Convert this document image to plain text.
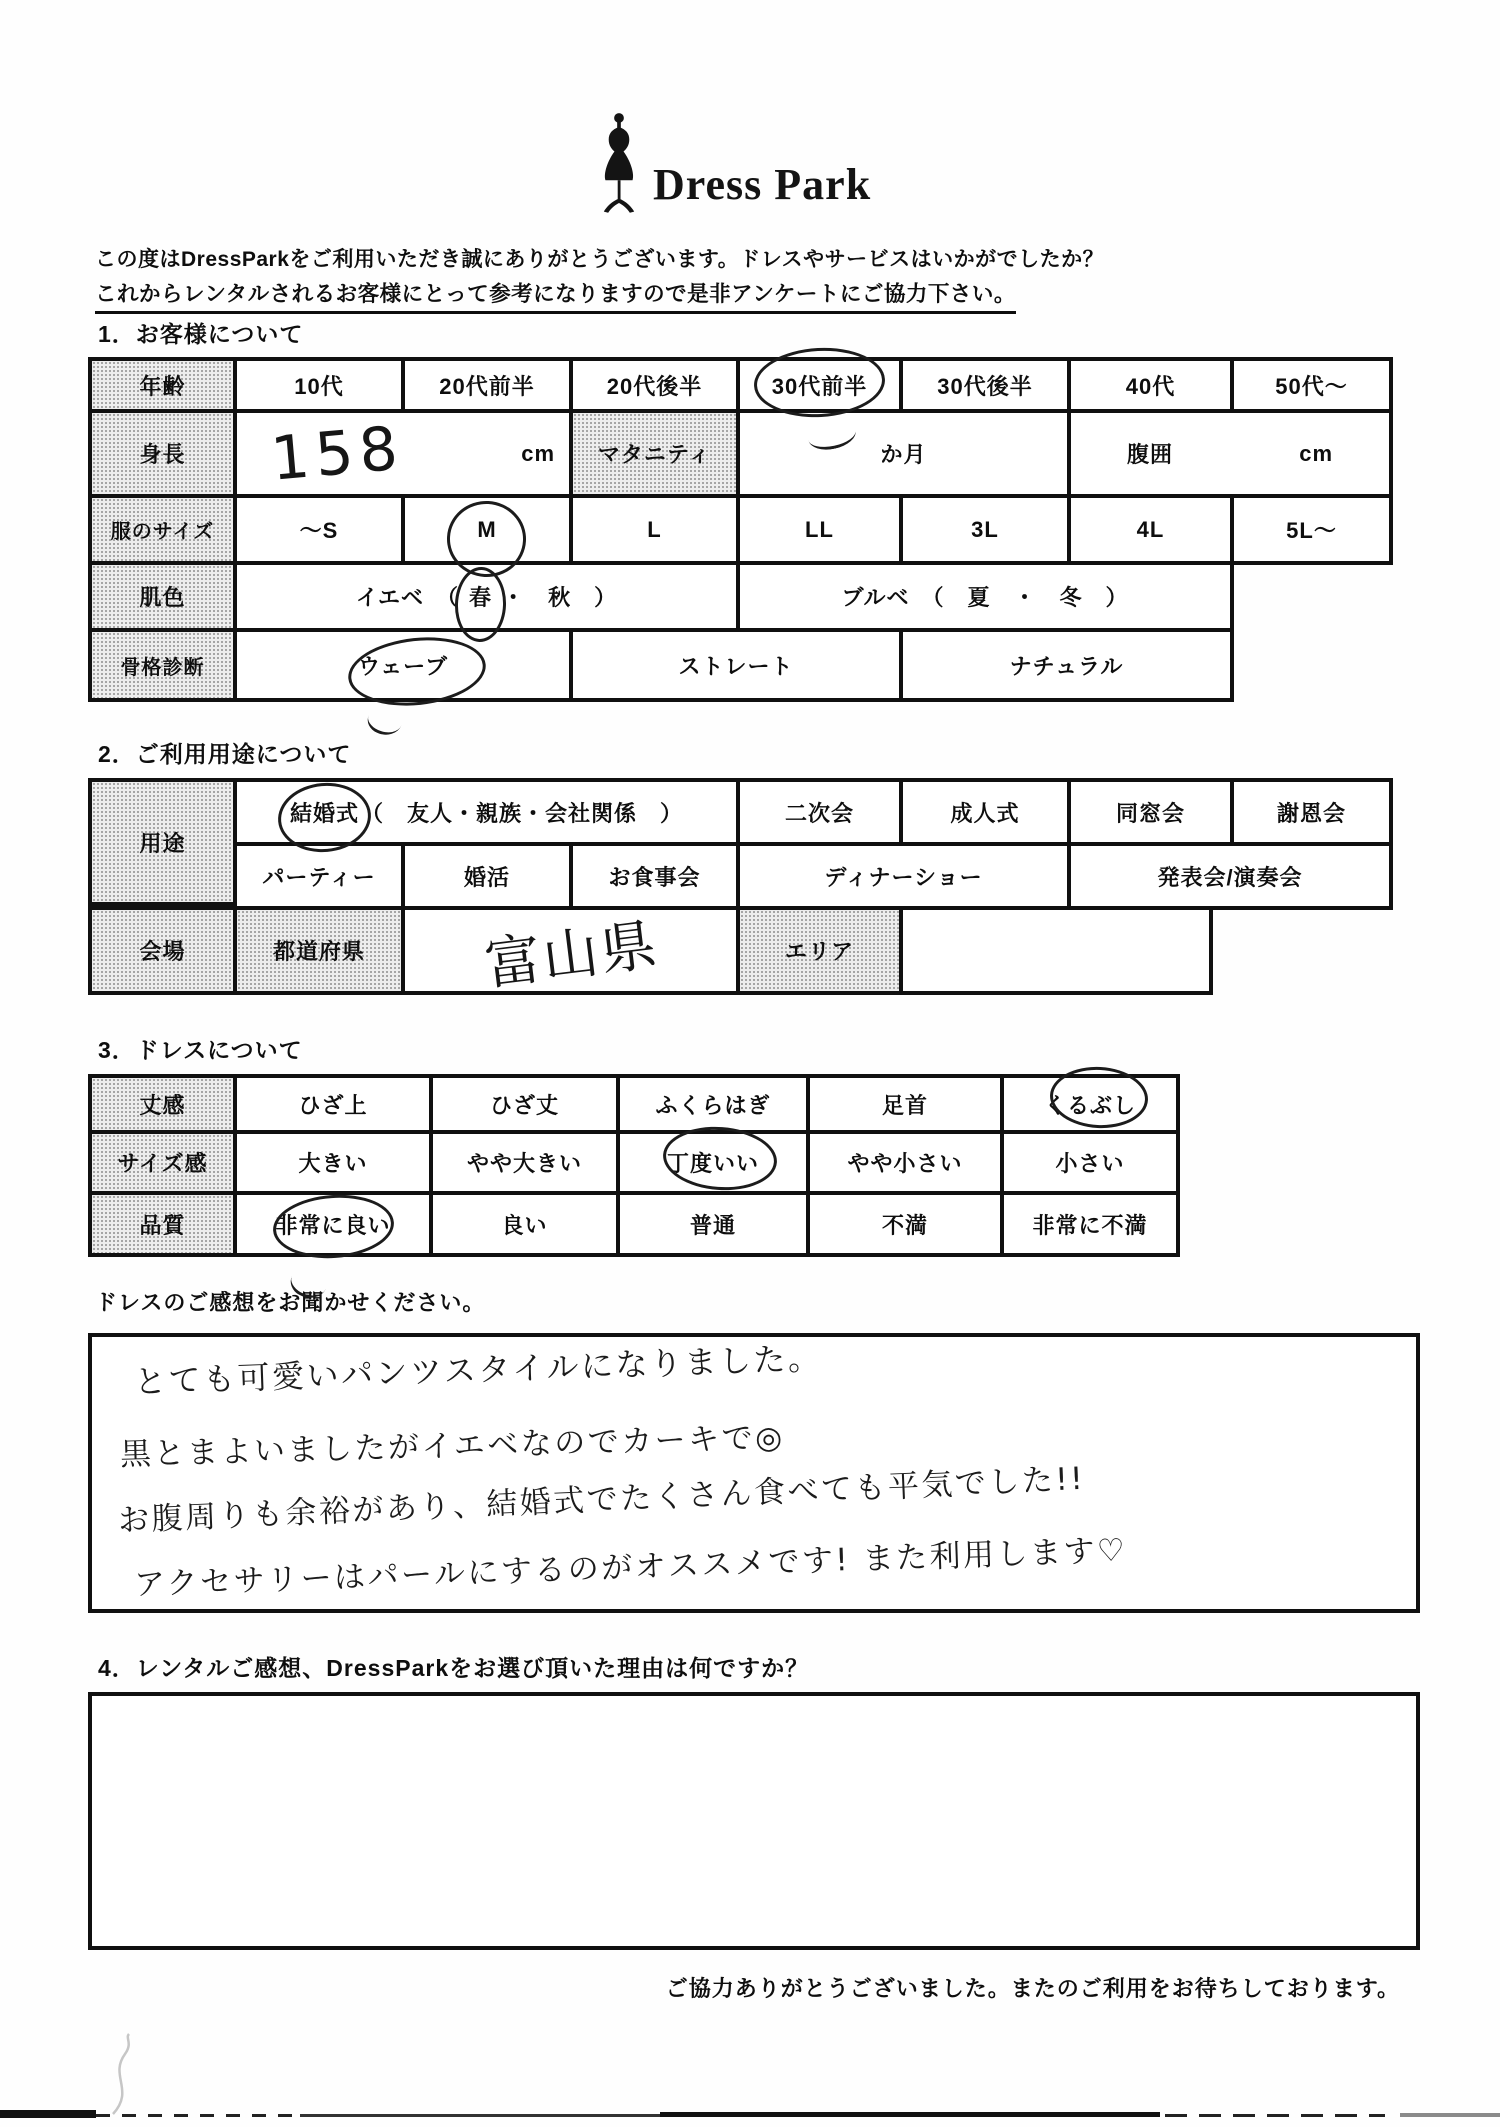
Dress Park
この度はDressParkをご利用いただき誠にありがとうございます。ドレスやサービスはいかがでしたか？
これからレンタルされるお客様にとって参考になりますので是非アンケートにご協力下さい。
1．お客様について
年齢	10代	20代前半	20代後半	30代前半	30代後半	40代	50代～
身長	158	cm	マタニティ	か月	腹囲	cm
服のサイズ	～S	M	L	LL	3L	4L	5L～
肌色	イエベ　（ 春 ・　秋　）	ブルベ　（　夏　・　冬　）
骨格診断	ウェーブ	ストレート	ナチュラル
2．ご利用用途について
用途
結婚式 （　友人・親族・会社関係　）	二次会	成人式	同窓会	謝恩会
パーティー	婚活	お食事会	ディナーショー	発表会/演奏会
会場	都道府県	富山県	エリア
3．ドレスについて
丈感	ひざ上	ひざ丈	ふくらはぎ	足首	くるぶし
サイズ感	大きい	やや大きい	丁度いい	やや小さい	小さい
品質	非常に良い	良い	普通	不満	非常に不満
ドレスのご感想をお聞かせください。
とても可愛いパンツスタイルになりました。
黒とまよいましたがイエベなのでカーキで◎
お腹周りも余裕があり、結婚式でたくさん食べても平気でした!!
アクセサリーはパールにするのがオススメです! また利用します♡
4．レンタルご感想、DressParkをお選び頂いた理由は何ですか？
ご協力ありがとうございました。またのご利用をお待ちしております。
